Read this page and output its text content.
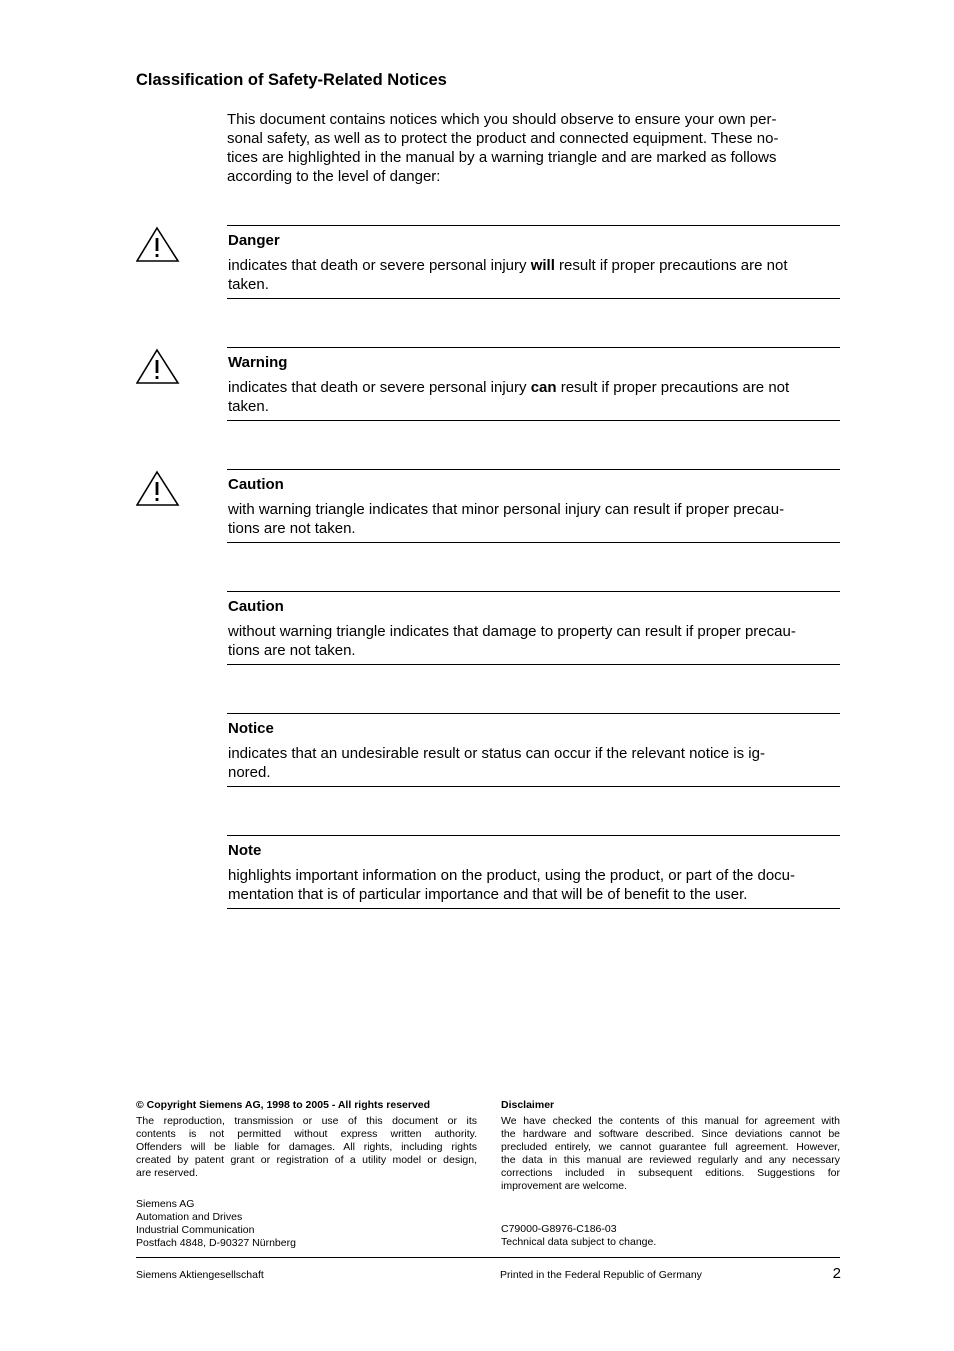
Classification of Safety-Related Notices
This document contains notices which you should observe to ensure your own per-
sonal safety, as well as to protect the product and connected equipment. These no-
tices are highlighted in the manual by a warning triangle and are marked as follows
according to the level of danger:
Danger
indicates that death or severe personal injury will result if proper precautions are not
taken.
Warning
indicates that death or severe personal injury can result if proper precautions are not
taken.
Caution
with warning triangle indicates that minor personal injury can result if proper precau-
tions are not taken.
Caution
without warning triangle indicates that damage to property can result if proper precau-
tions are not taken.
Notice
indicates that an undesirable result or status can occur if the relevant notice is ig-
nored.
Note
highlights important information on the product, using the product, or part of the docu-
mentation that is of particular importance and that will be of benefit to the user.
© Copyright Siemens AG, 1998 to 2005 - All rights reserved
The reproduction, transmission or use of this document or its
contents is not permitted without express written authority.
Offenders will be liable for damages. All rights, including rights
created by patent grant or registration of a utility model or design,
are reserved.
Siemens AG
Automation and Drives
Industrial Communication
Postfach 4848, D-90327 Nürnberg
Disclaimer
We have checked the contents of this manual for agreement with
the hardware and software described. Since deviations cannot be
precluded entirely, we cannot guarantee full agreement. However,
the data in this manual are reviewed regularly and any necessary
corrections included in subsequent editions. Suggestions for
improvement are welcome.
C79000-G8976-C186-03
Technical data subject to change.
Siemens Aktiengesellschaft	Printed in the Federal Republic of Germany	2
